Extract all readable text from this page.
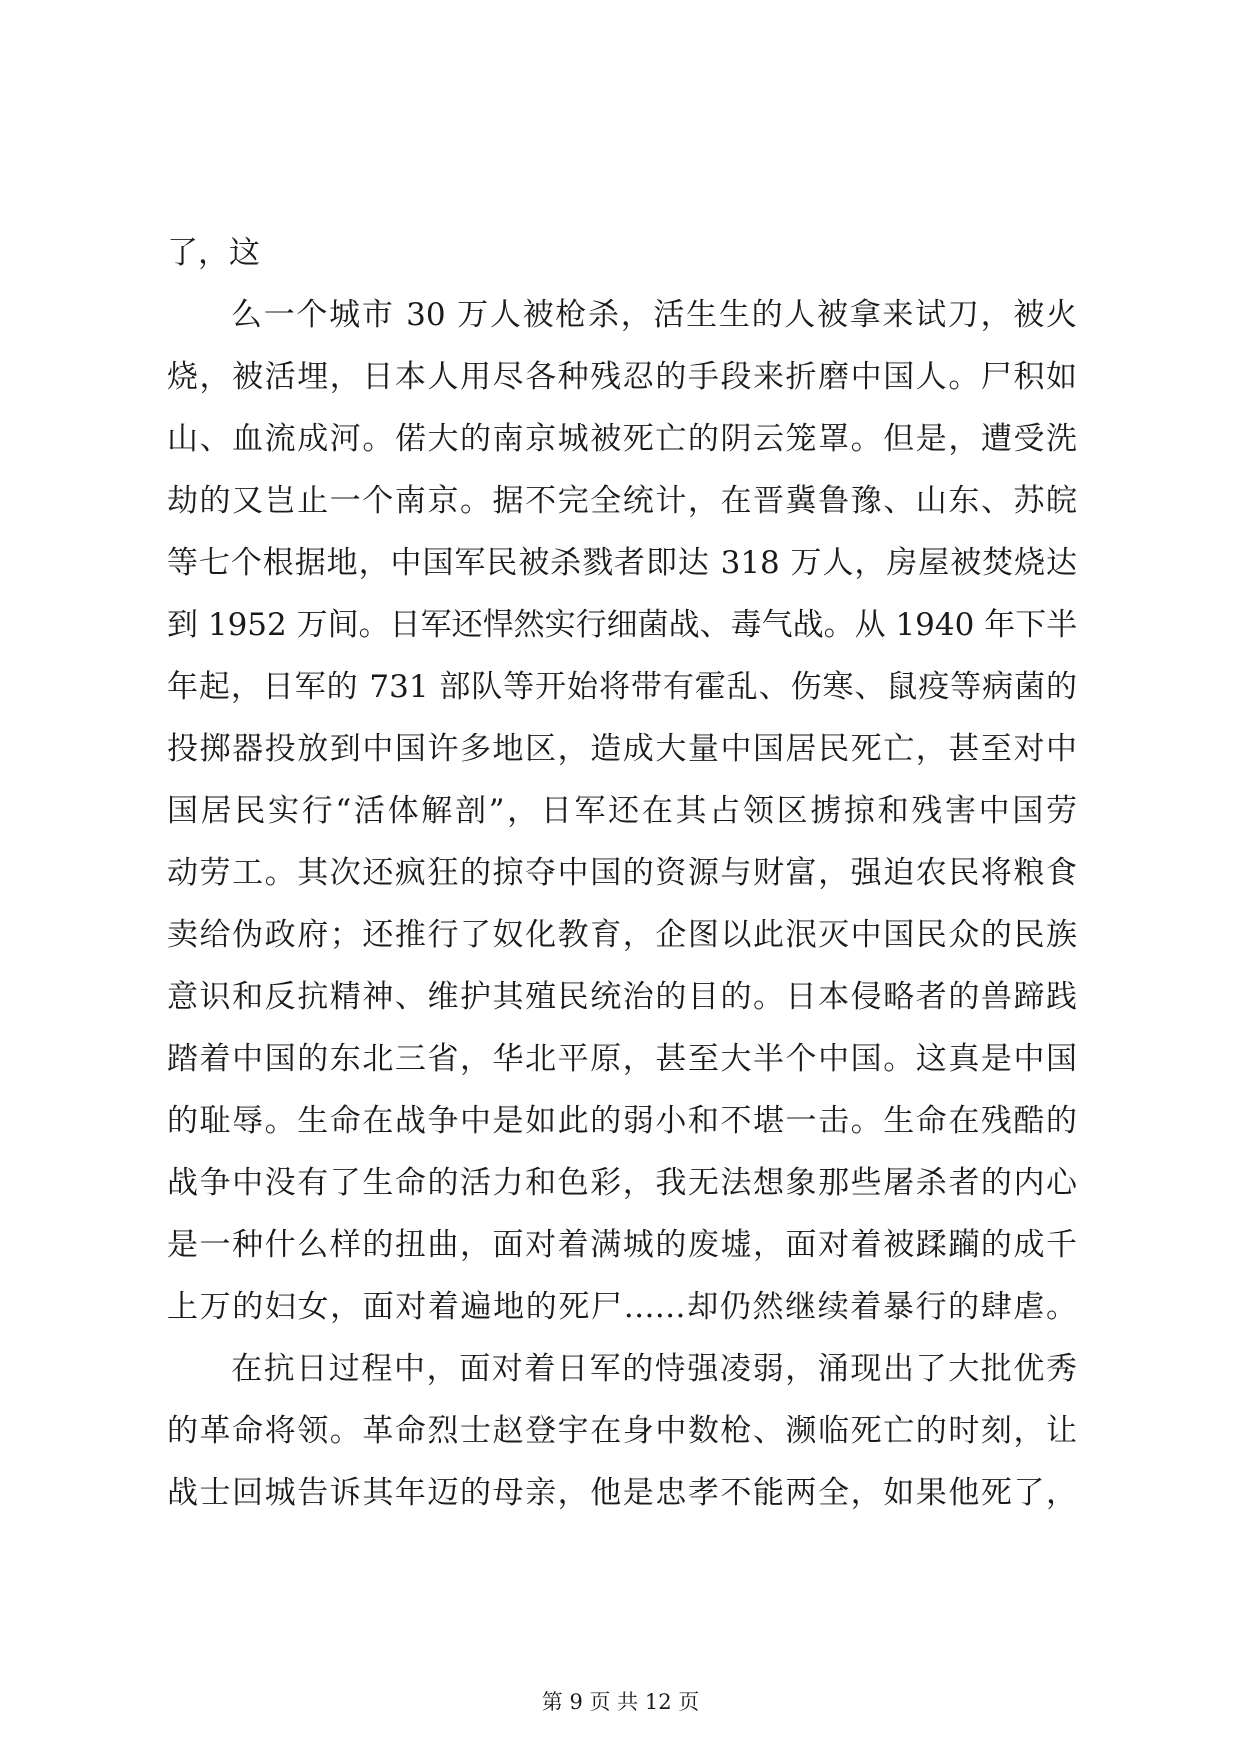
了，这
么一个城市 30 万人被枪杀，活生生的人被拿来试刀，被火
烧，被活埋，日本人用尽各种残忍的手段来折磨中国人。尸积如
山、血流成河。偌大的南京城被死亡的阴云笼罩。但是，遭受洗
劫的又岂止一个南京。据不完全统计，在晋冀鲁豫、山东、苏皖
等七个根据地，中国军民被杀戮者即达 318 万人，房屋被焚烧达
到 1952 万间。日军还悍然实行细菌战、毒气战。从 1940 年下半
年起，日军的 731 部队等开始将带有霍乱、伤寒、鼠疫等病菌的
投掷器投放到中国许多地区，造成大量中国居民死亡，甚至对中
国居民实行“活体解剖”，日军还在其占领区掳掠和残害中国劳
动劳工。其次还疯狂的掠夺中国的资源与财富，强迫农民将粮食
卖给伪政府；还推行了奴化教育，企图以此泯灭中国民众的民族
意识和反抗精神、维护其殖民统治的目的。日本侵略者的兽蹄践
踏着中国的东北三省，华北平原，甚至大半个中国。这真是中国
的耻辱。生命在战争中是如此的弱小和不堪一击。生命在残酷的
战争中没有了生命的活力和色彩，我无法想象那些屠杀者的内心
是一种什么样的扭曲，面对着满城的废墟，面对着被蹂躏的成千
上万的妇女，面对着遍地的死尸……却仍然继续着暴行的肆虐。
在抗日过程中，面对着日军的恃强凌弱，涌现出了大批优秀
的革命将领。革命烈士赵登宇在身中数枪、濒临死亡的时刻，让
战士回城告诉其年迈的母亲，他是忠孝不能两全，如果他死了，
第 9 页 共 12 页
